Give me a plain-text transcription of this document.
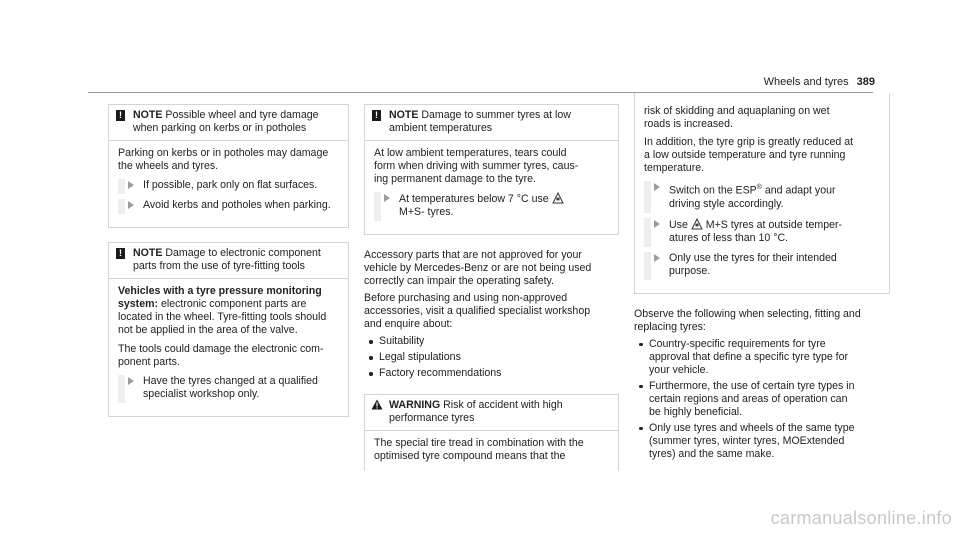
Wheels and tyres 389
! NOTE Possible wheel and tyre damage
when parking on kerbs or in potholes

Parking on kerbs or in potholes may damage
the wheels and tyres.

If possible, park only on flat surfaces.
Avoid kerbs and potholes when parking.
! NOTE Damage to electronic component
parts from the use of tyre-fitting tools

Vehicles with a tyre pressure monitoring
system: electronic component parts are
located in the wheel. Tyre-fitting tools should
not be applied in the area of the valve.

The tools could damage the electronic com-
ponent parts.

Have the tyres changed at a qualified
specialist workshop only.
! NOTE Damage to summer tyres at low
ambient temperatures

At low ambient temperatures, tears could
form when driving with summer tyres, caus-
ing permanent damage to the tyre.

At temperatures below 7 °C use
M+S- tyres.

Accessory parts that are not approved for your
vehicle by Mercedes-Benz or are not being used
correctly can impair the operating safety.

Before purchasing and using non-approved
accessories, visit a qualified specialist workshop
and enquire about:

Suitability
Legal stipulations
Factory recommendations
WARNING Risk of accident with high
performance tyres

The special tire tread in combination with the
optimised tyre compound means that the

risk of skidding and aquaplaning on wet
roads is increased.

In addition, the tyre grip is greatly reduced at
a low outside temperature and tyre running
temperature.

Switch on the ESP® and adapt your
driving style accordingly.
Use  M+S tyres at outside temper-
atures of less than 10 °C.
Only use the tyres for their intended
purpose.

Observe the following when selecting, fitting and
replacing tyres:

Country-specific requirements for tyre
approval that define a specific tyre type for
your vehicle.
Furthermore, the use of certain tyre types in
certain regions and areas of operation can
be highly beneficial.
Only use tyres and wheels of the same type
(summer tyres, winter tyres, MOExtended
tyres) and the same make.
carmanualsonline.info
